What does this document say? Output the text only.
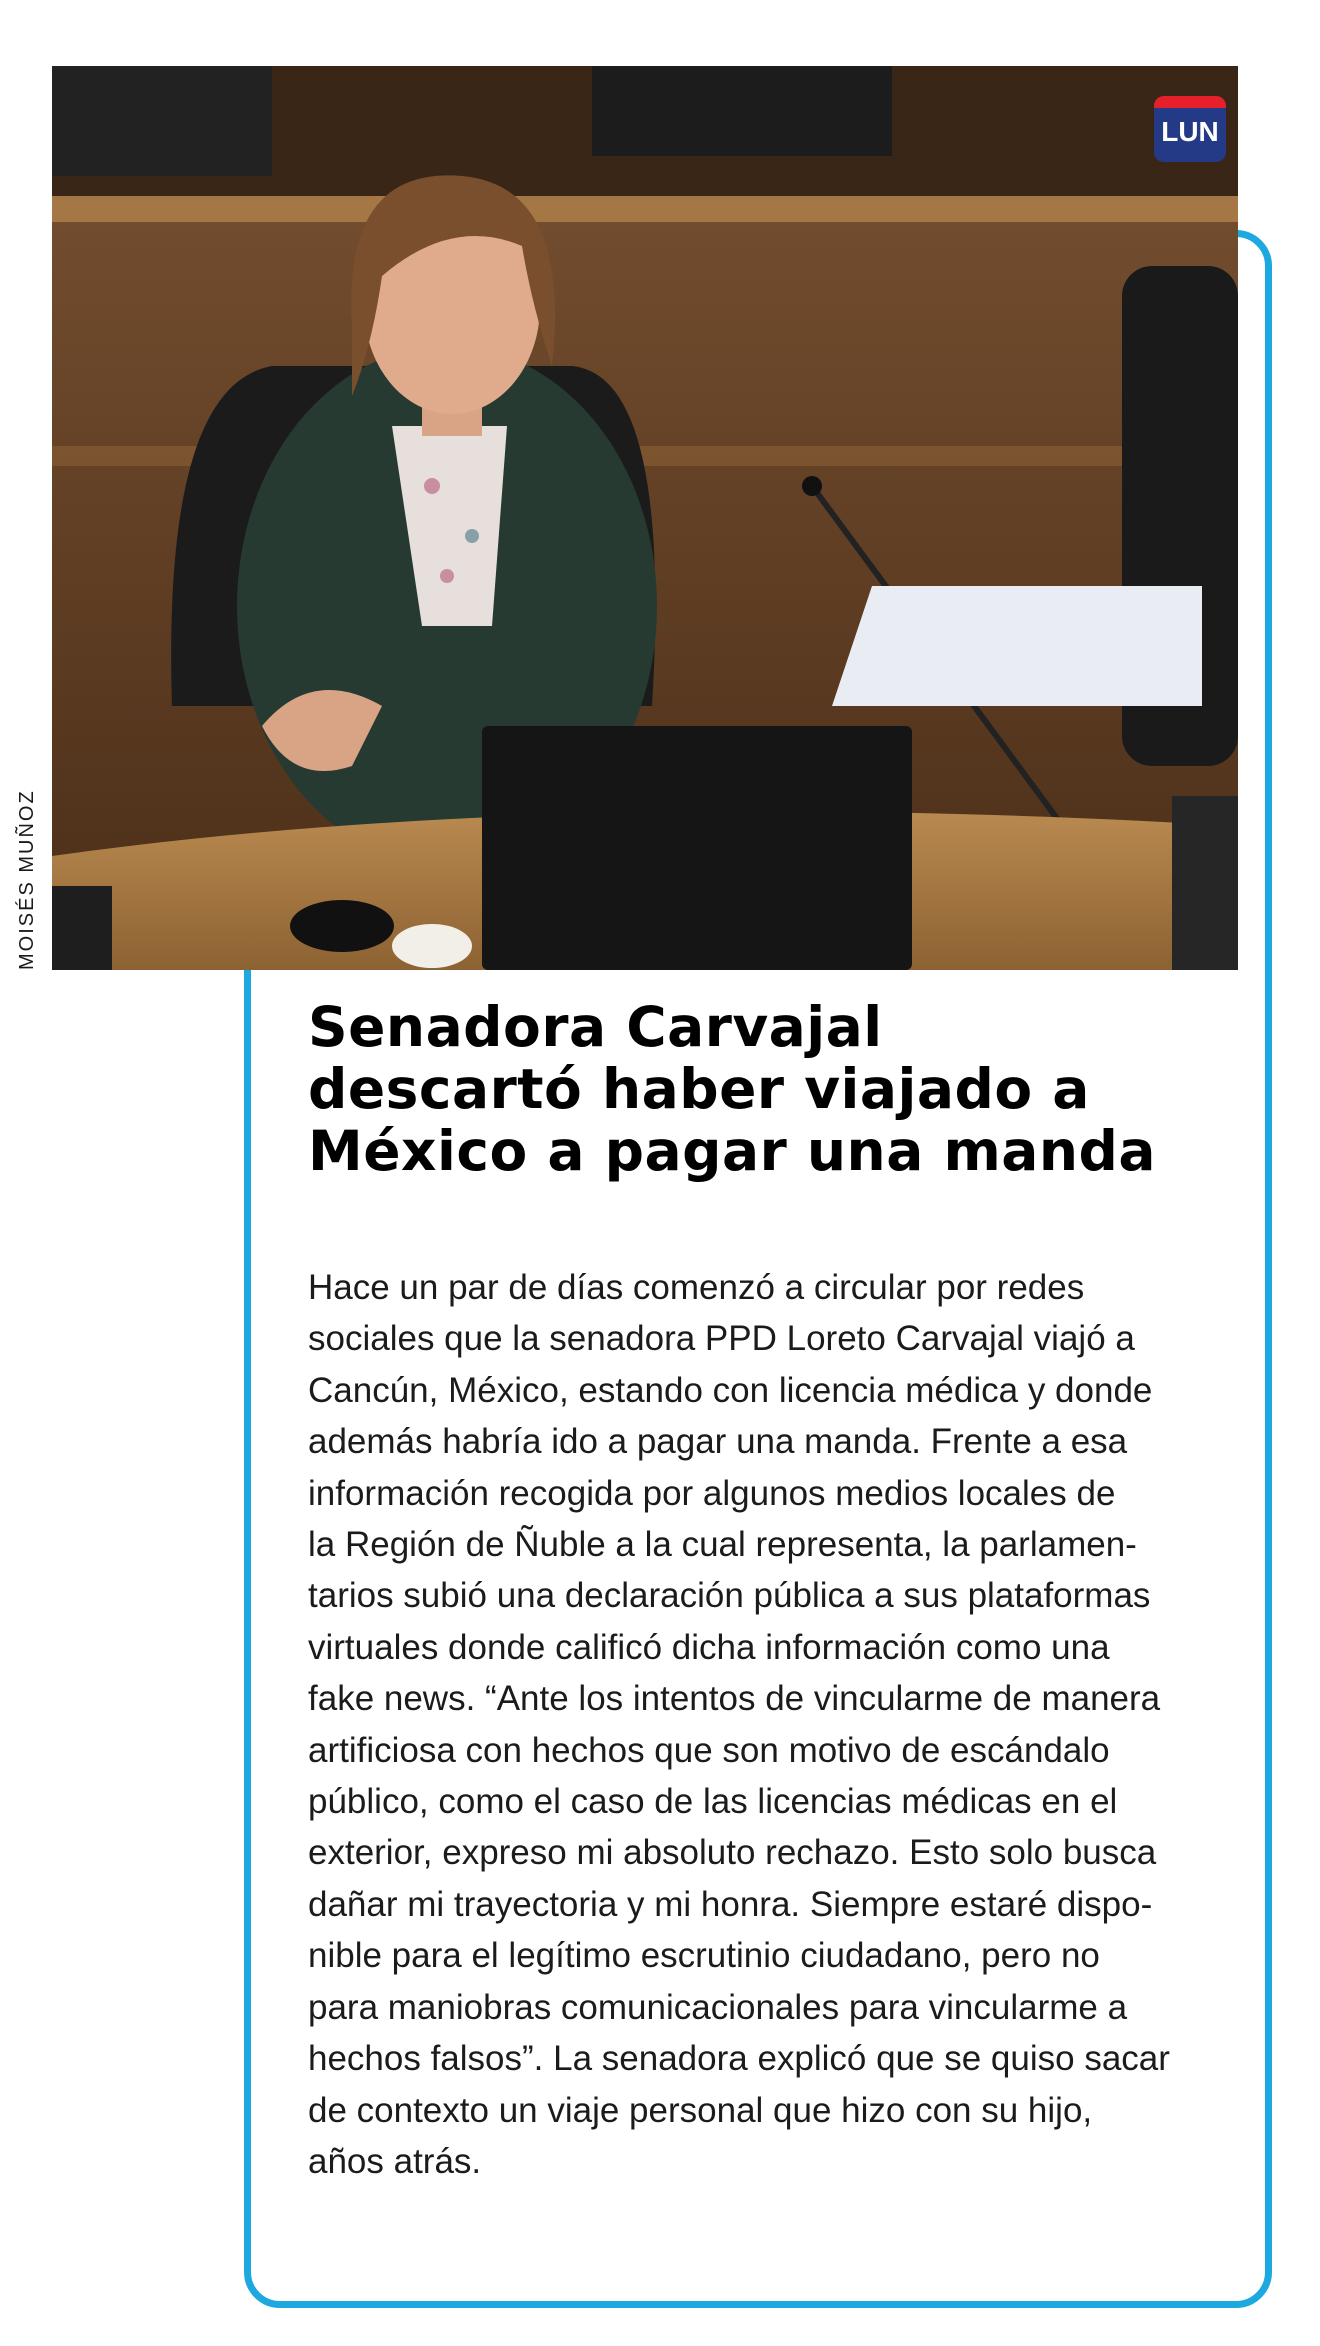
MOISÉS MUÑOZ
LUN
Senadora Carvajal
descartó haber viajado a
México a pagar una manda
Hace un par de días comenzó a circular por redes
sociales que la senadora PPD Loreto Carvajal viajó a
Cancún, México, estando con licencia médica y donde
además habría ido a pagar una manda. Frente a esa
información recogida por algunos medios locales de
la Región de Ñuble a la cual representa, la parlamen-
tarios subió una declaración pública a sus plataformas
virtuales donde calificó dicha información como una
fake news. “Ante los intentos de vincularme de manera
artificiosa con hechos que son motivo de escándalo
público, como el caso de las licencias médicas en el
exterior, expreso mi absoluto rechazo. Esto solo busca
dañar mi trayectoria y mi honra. Siempre estaré dispo-
nible para el legítimo escrutinio ciudadano, pero no
para maniobras comunicacionales para vincularme a
hechos falsos”. La senadora explicó que se quiso sacar
de contexto un viaje personal que hizo con su hijo,
años atrás.
